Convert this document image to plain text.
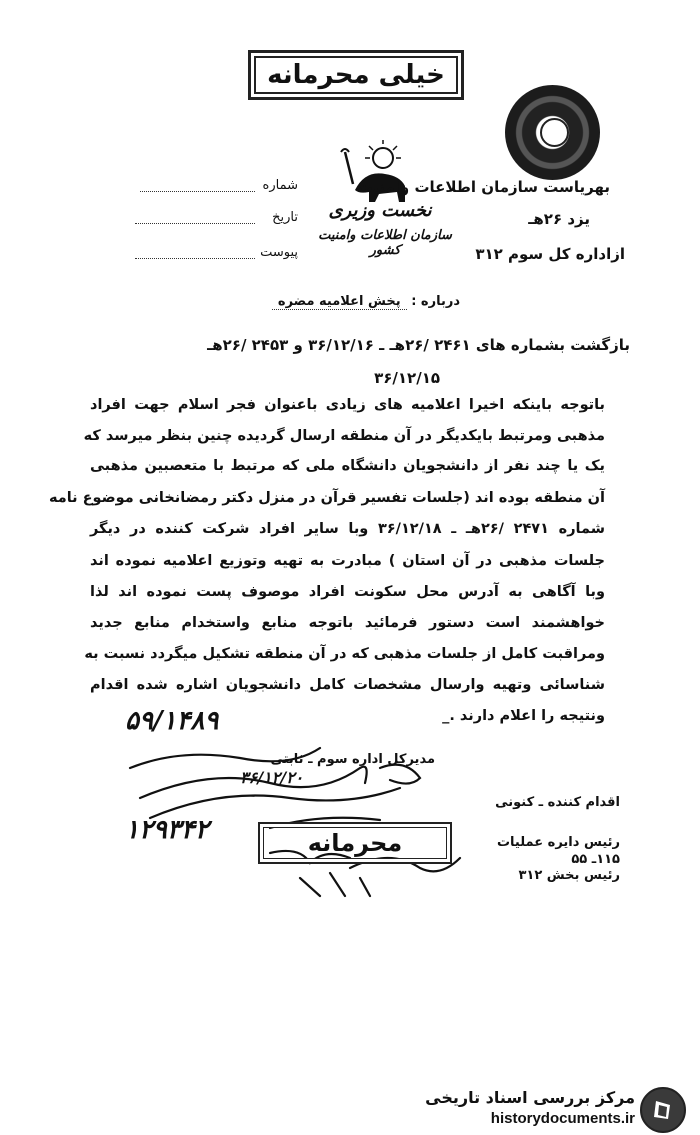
خیلی محرمانه
شماره
تاریخ
پیوست
بهریاست سازمان اطلاعات وامنیت
یزد ۲۶هـ
ازاداره کل سوم ۳۱۲
نخست وزیری
سازمان اطلاعات وامنیت کشور
درباره : پخش اعلامیه مضره
بازگشت بشماره های ۲۴۶۱ /۲۶هـ ـ ۳۶/۱۲/۱۶ و ۲۴۵۳ /۲۶هـ
۳۶/۱۲/۱۵
باتوجه باینکه اخیرا اعلامیه های زیادی باعنوان فجر اسلام جهت افراد
مذهبی ومرتبط بایکدیگر در آن منطقه ارسال گردیده چنین بنظر میرسد که
یک یا چند نفر از دانشجویان دانشگاه ملی که مرتبط با متعصبین مذهبی
آن منطقه بوده اند (جلسات تفسیر قرآن در منزل دکتر رمضانخانی موضوع نامه
شماره ۲۴۷۱ /۲۶هـ ـ ۳۶/۱۲/۱۸ وبا سایر افراد شرکت کننده در دیگر
جلسات مذهبی در آن استان ) مبادرت به تهیه وتوزیع اعلامیه نموده اند
وبا آگاهی به آدرس محل سکونت افراد موصوف پست نموده اند لذا
خواهشمند است دستور فرمائید باتوجه منابع واستخدام منابع جدید
ومراقبت کامل از جلسات مذهبی که در آن منطقه تشکیل میگردد نسبت به
شناسائی وتهیه وارسال مشخصات کامل دانشجویان اشاره شده اقدام
ونتیجه را اعلام دارند ._
۵۹/۱۴۸۹
مدیرکل اداره سوم ـ ثابتی
۳۶/۱۲/۲۰
اقدام کننده ـ کنونی
رئیس دایره عملیات
۱۱۵ـ ۵۵
رئیس بخش ۳۱۲
۱۲۹۳۴۲	محرمانه
مرکز بررسی اسناد تاریخی
historydocuments.ir
